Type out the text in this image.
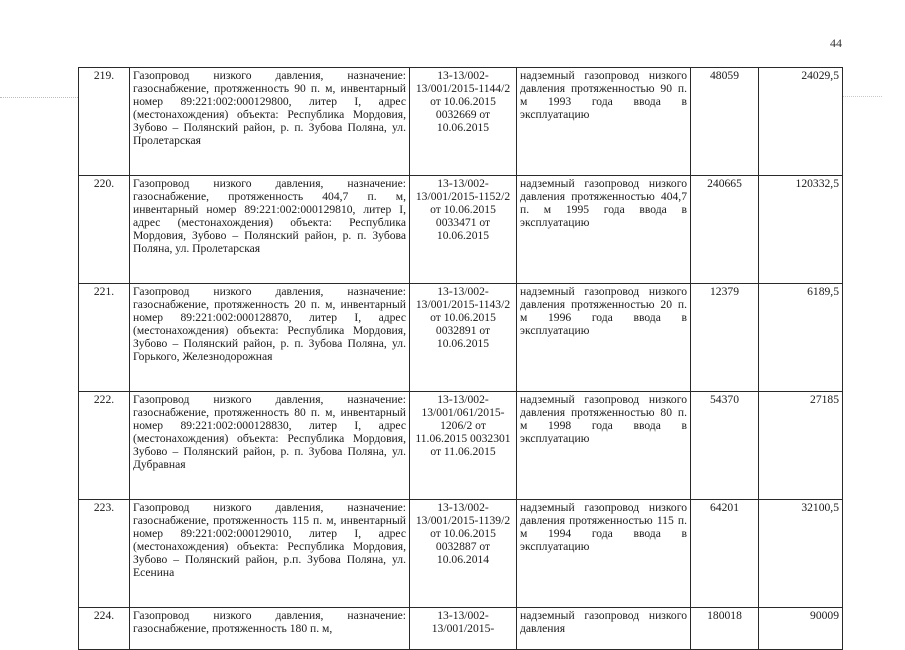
44
219.	Газопровод низкого давления, назначение: газоснабжение, протяженность 90 п. м, инвентарный номер 89:221:002:000129800, литер I, адрес (местонахождения) объекта: Республика Мордовия, Зубово – Полянский район, р. п. Зубова Поляна, ул. Пролетарская	13-13/002-13/001/2015-1144/2 от 10.06.2015 0032669 от 10.06.2015	надземный газопровод низкого давления протяженностью 90 п. м 1993 года ввода в эксплуатацию	48059	24029,5
220.	Газопровод низкого давления, назначение: газоснабжение, протяженность 404,7 п. м, инвентарный номер 89:221:002:000129810, литер I, адрес (местонахождения) объекта: Республика Мордовия, Зубово – Полянский район, р. п. Зубова Поляна, ул. Пролетарская	13-13/002-13/001/2015-1152/2 от 10.06.2015 0033471 от 10.06.2015	надземный газопровод низкого давления протяженностью 404,7 п. м 1995 года ввода в эксплуатацию	240665	120332,5
221.	Газопровод низкого давления, назначение: газоснабжение, протяженность 20 п. м, инвентарный номер 89:221:002:000128870, литер I, адрес (местонахождения) объекта: Республика Мордовия, Зубово – Полянский район, р. п. Зубова Поляна, ул. Горького, Железнодорожная	13-13/002-13/001/2015-1143/2 от 10.06.2015 0032891 от 10.06.2015	надземный газопровод низкого давления протяженностью 20 п. м 1996 года ввода в эксплуатацию	12379	6189,5
222.	Газопровод низкого давления, назначение: газоснабжение, протяженность 80 п. м, инвентарный номер 89:221:002:000128830, литер I, адрес (местонахождения) объекта: Республика Мордовия, Зубово – Полянский район, р. п. Зубова Поляна, ул. Дубравная	13-13/002-13/001/061/2015-1206/2 от 11.06.2015 0032301 от 11.06.2015	надземный газопровод низкого давления протяженностью 80 п. м 1998 года ввода в эксплуатацию	54370	27185
223.	Газопровод низкого давления, назначение: газоснабжение, протяженность 115 п. м, инвентарный номер 89:221:002:000129010, литер I, адрес (местонахождения) объекта: Республика Мордовия, Зубово – Полянский район, р.п. Зубова Поляна, ул. Есенина	13-13/002-13/001/2015-1139/2 от 10.06.2015 0032887 от 10.06.2014	надземный газопровод низкого давления протяженностью 115 п. м 1994 года ввода в эксплуатацию	64201	32100,5
224.	Газопровод низкого давления, назначение: газоснабжение, протяженность 180 п. м,	13-13/002-13/001/2015-	надземный газопровод низкого давления	180018	90009
